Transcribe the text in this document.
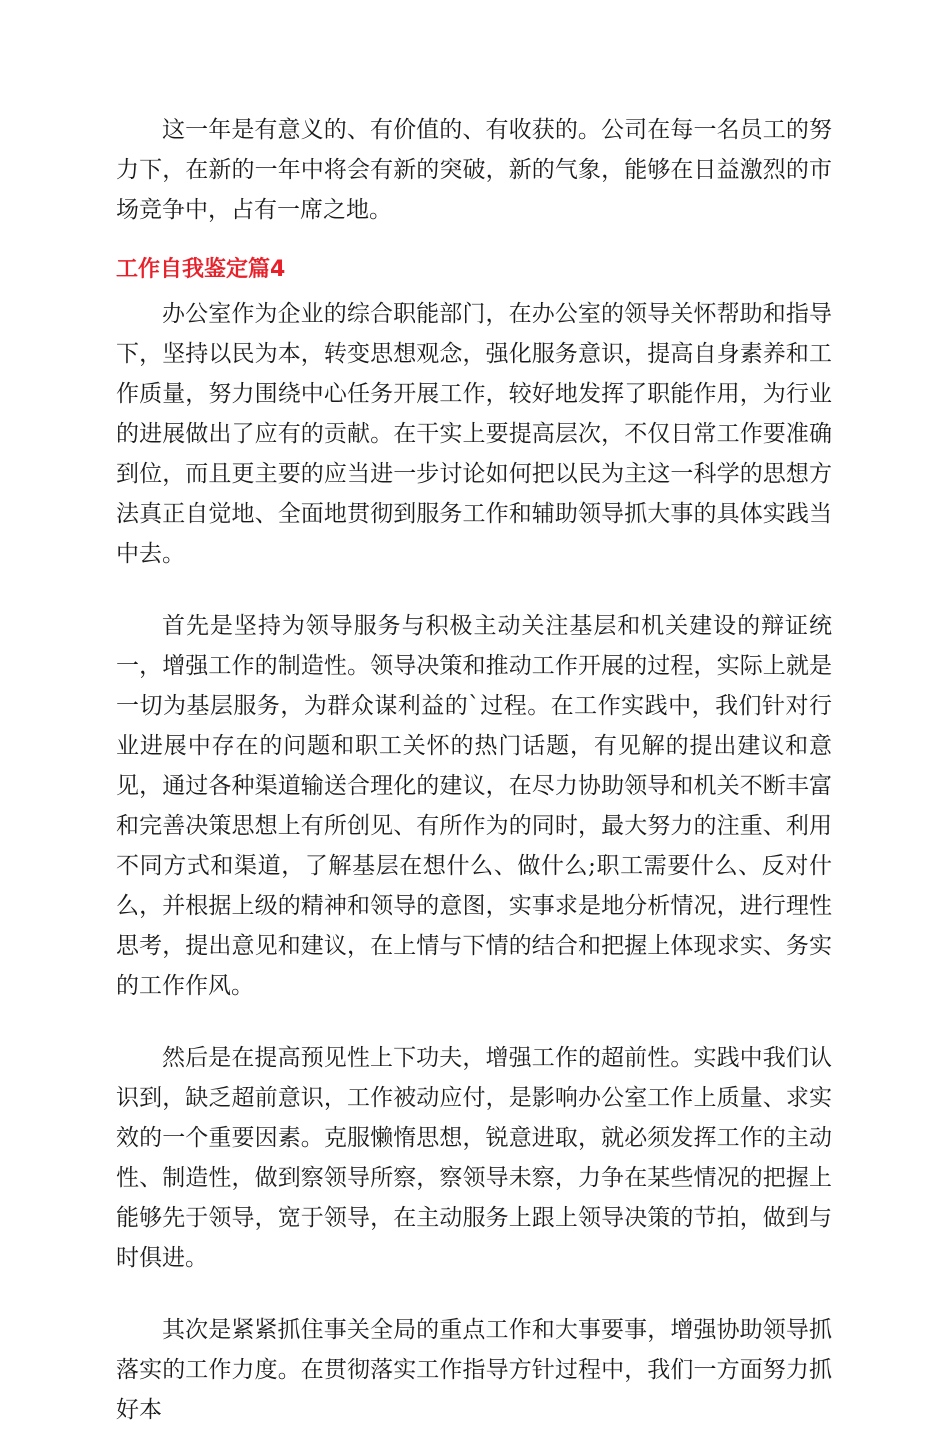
这一年是有意义的、有价值的、有收获的。公司在每一名员工的努力下，在新的一年中将会有新的突破，新的气象，能够在日益激烈的市场竞争中，占有一席之地。

工作自我鉴定篇4

办公室作为企业的综合职能部门，在办公室的领导关怀帮助和指导下，坚持以民为本，转变思想观念，强化服务意识，提高自身素养和工作质量，努力围绕中心任务开展工作，较好地发挥了职能作用，为行业的进展做出了应有的贡献。在干实上要提高层次，不仅日常工作要准确到位，而且更主要的应当进一步讨论如何把以民为主这一科学的思想方法真正自觉地、全面地贯彻到服务工作和辅助领导抓大事的具体实践当中去。

首先是坚持为领导服务与积极主动关注基层和机关建设的辩证统一，增强工作的制造性。领导决策和推动工作开展的过程，实际上就是一切为基层服务，为群众谋利益的`过程。在工作实践中，我们针对行业进展中存在的问题和职工关怀的热门话题，有见解的提出建议和意见，通过各种渠道输送合理化的建议，在尽力协助领导和机关不断丰富和完善决策思想上有所创见、有所作为的同时，最大努力的注重、利用不同方式和渠道，了解基层在想什么、做什么;职工需要什么、反对什么，并根据上级的精神和领导的意图，实事求是地分析情况，进行理性思考，提出意见和建议，在上情与下情的结合和把握上体现求实、务实的工作作风。

然后是在提高预见性上下功夫，增强工作的超前性。实践中我们认识到，缺乏超前意识，工作被动应付，是影响办公室工作上质量、求实效的一个重要因素。克服懒惰思想，锐意进取，就必须发挥工作的主动性、制造性，做到察领导所察，察领导未察，力争在某些情况的把握上能够先于领导，宽于领导，在主动服务上跟上领导决策的节拍，做到与时俱进。

其次是紧紧抓住事关全局的重点工作和大事要事，增强协助领导抓落实的工作力度。在贯彻落实工作指导方针过程中，我们一方面努力抓好本
